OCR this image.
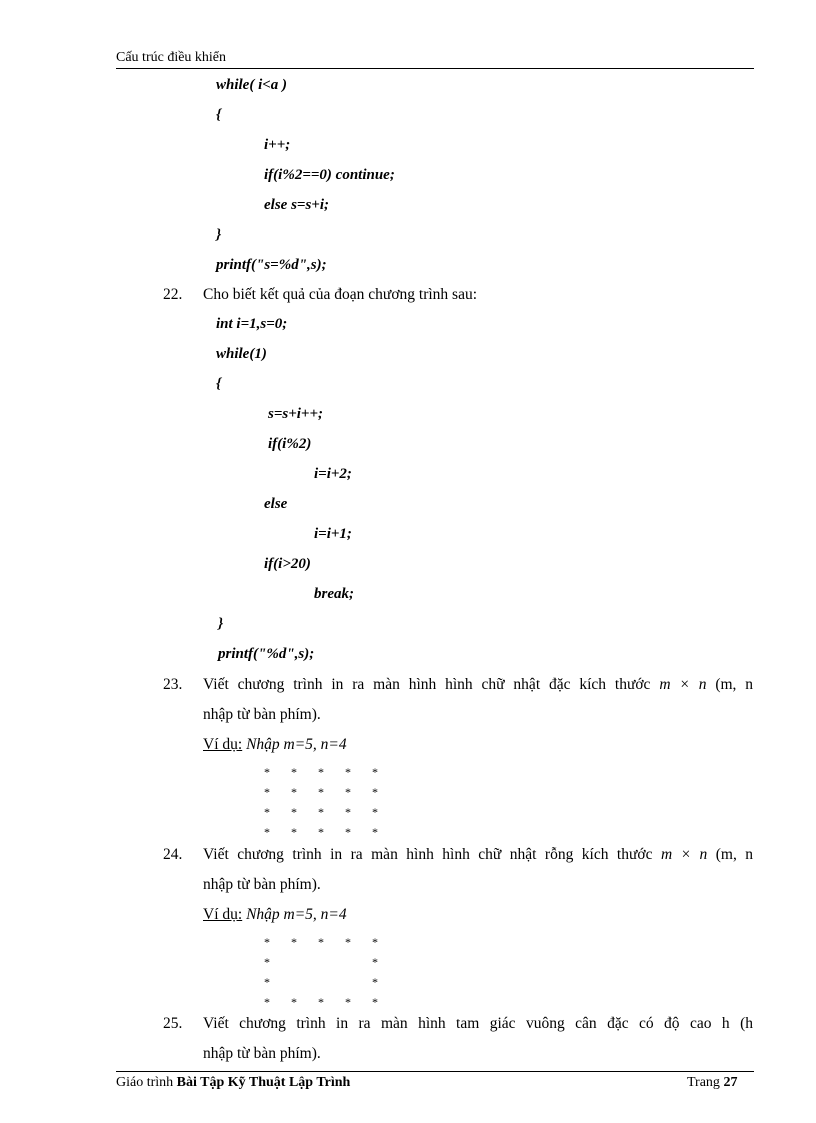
Cấu trúc điều khiển
while( i<a )
{
i++;
if(i%2==0) continue;
else s=s+i;
}
printf("s=%d",s);
22. Cho biết kết quả của đoạn chương trình sau:
int i=1,s=0;
while(1)
{
s=s+i++;
if(i%2)
i=i+2;
else
i=i+1;
if(i>20)
break;
}
printf("%d",s);
23. Viết chương trình in ra màn hình hình chữ nhật đặc kích thước m × n (m, n
nhập từ bàn phím).
Ví dụ: Nhập m=5, n=4
* * * * *
* * * * *
* * * * *
* * * * *
24. Viết chương trình in ra màn hình hình chữ nhật rỗng kích thước m × n (m, n
nhập từ bàn phím).
Ví dụ: Nhập m=5, n=4
* * * * *
*	*
*	*
* * * * *
25. Viết chương trình in ra màn hình tam giác vuông cân đặc có độ cao h (h
nhập từ bàn phím).
Giáo trình Bài Tập Kỹ Thuật Lập Trình	Trang 27
